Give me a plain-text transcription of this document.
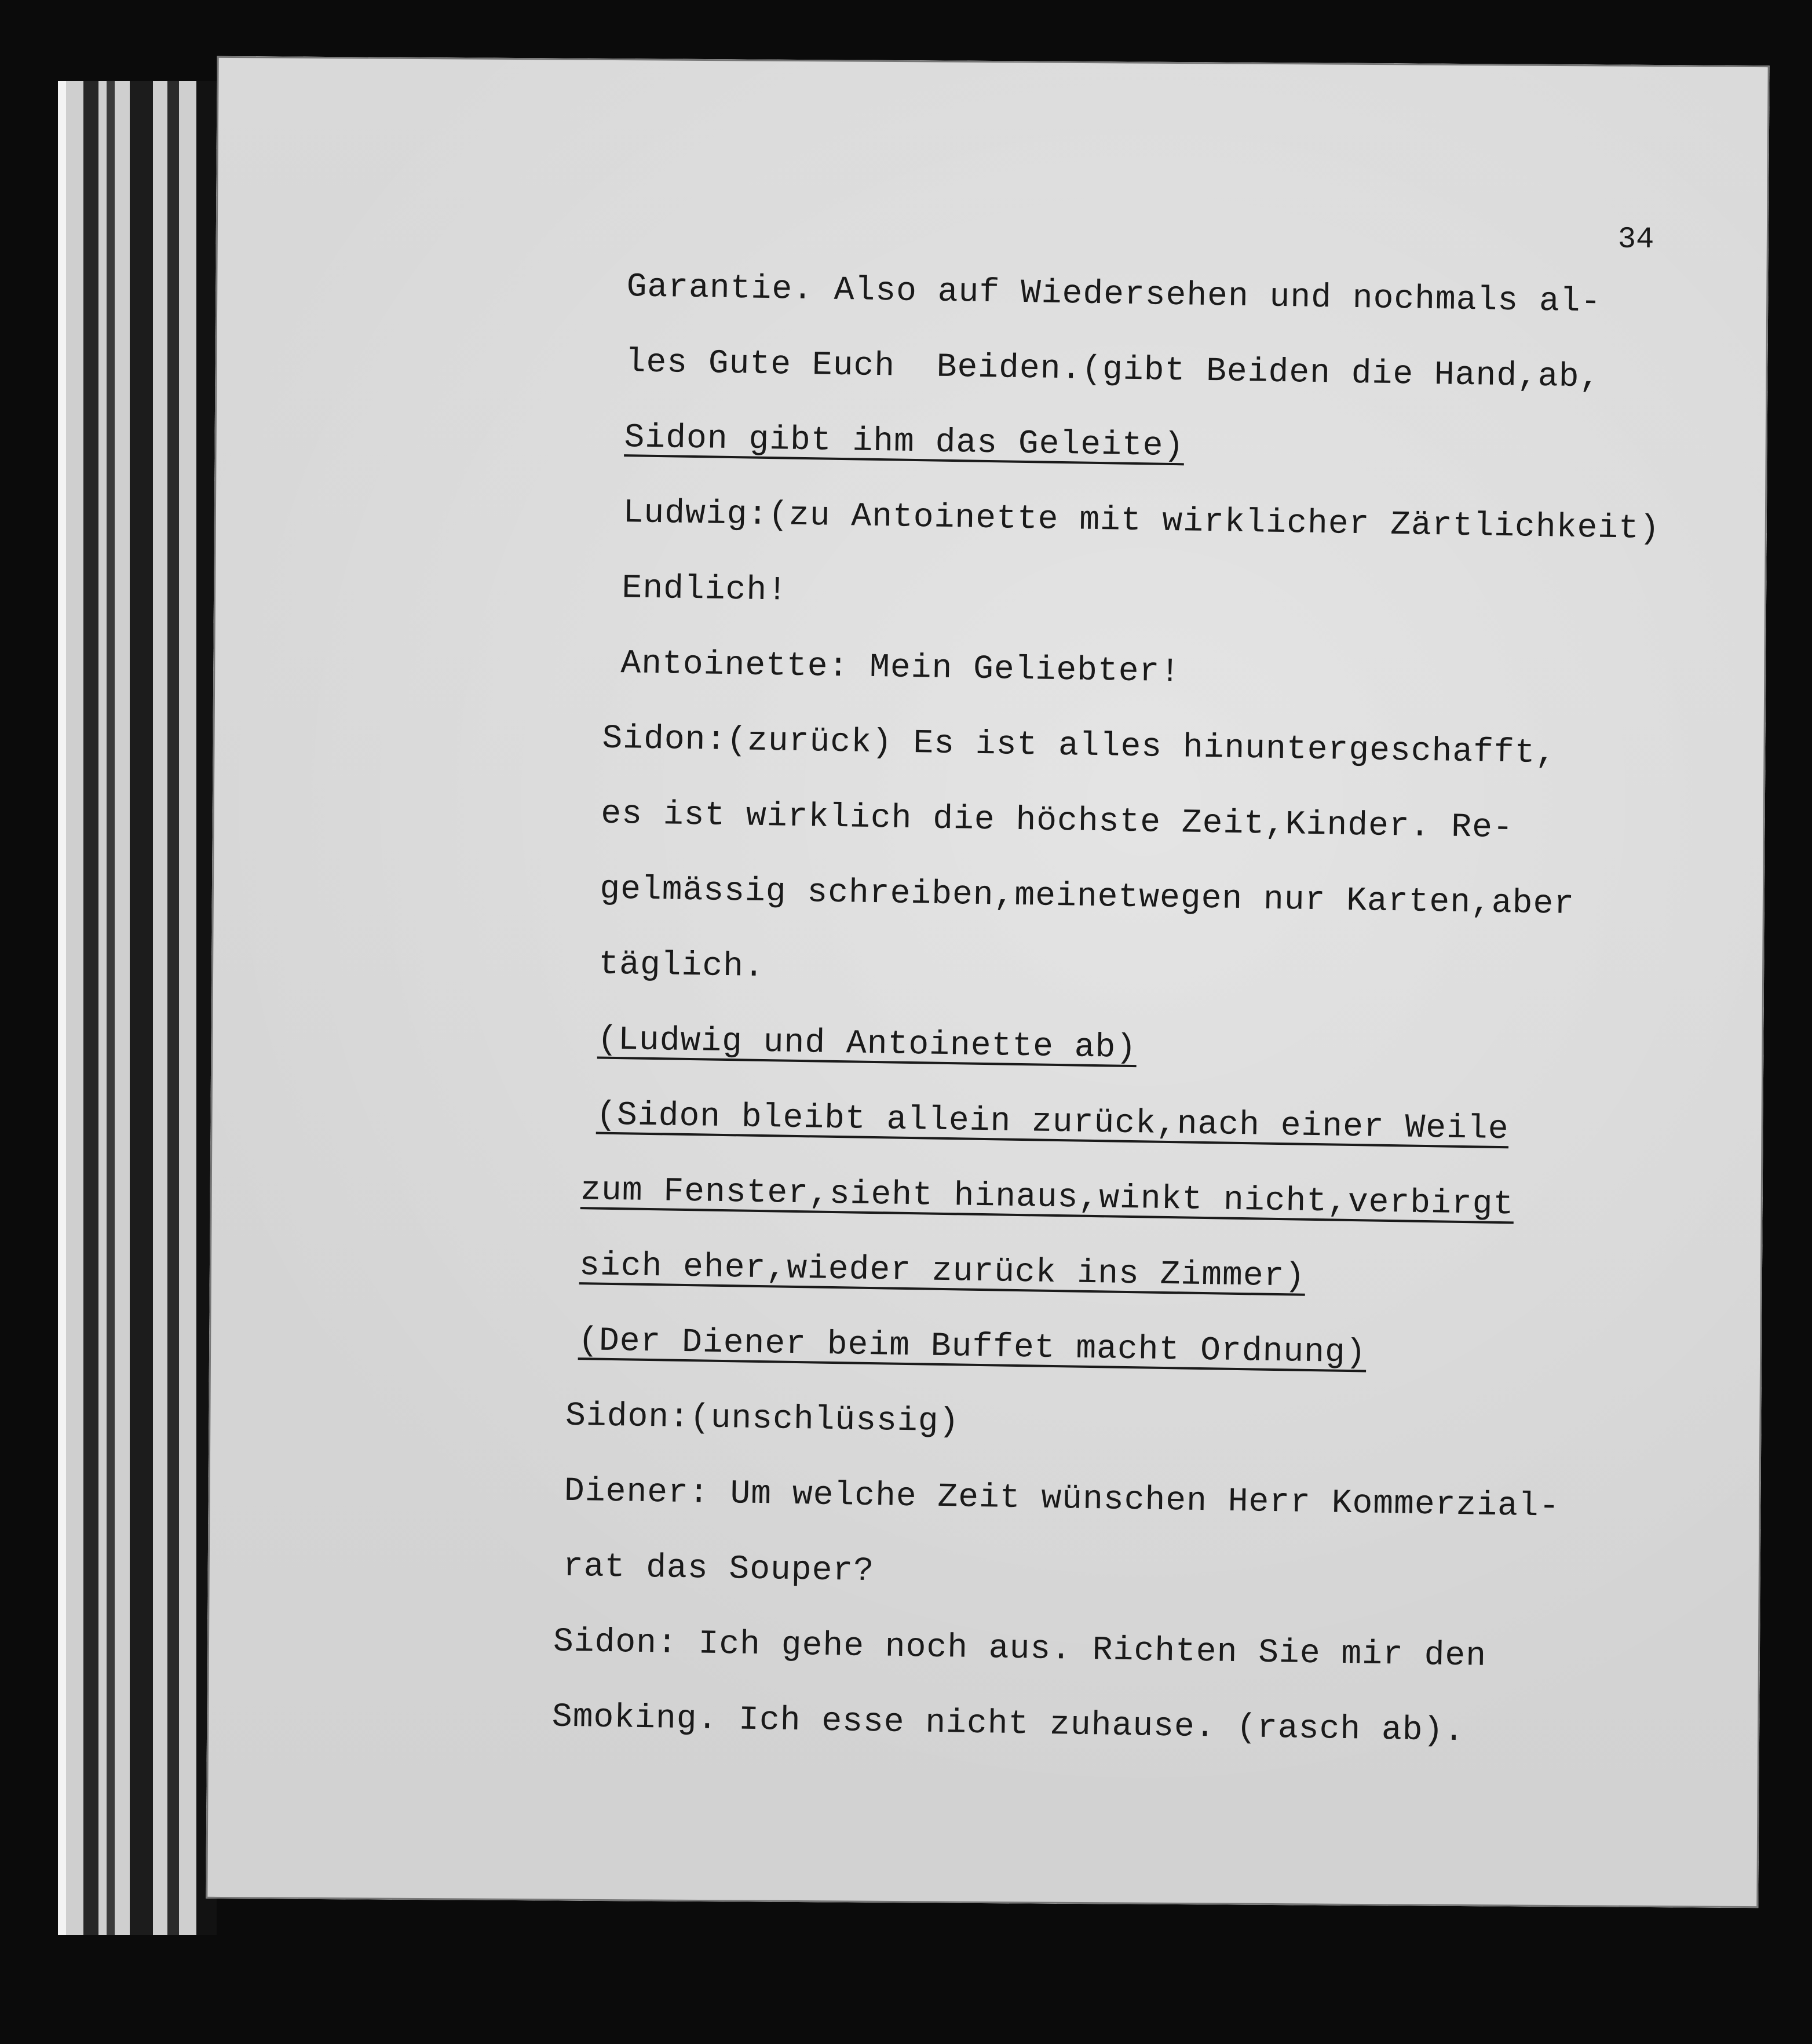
34
Garantie. Also auf Wiedersehen und nochmals al-
les Gute Euch  Beiden.(gibt Beiden die Hand,ab,
Sidon gibt ihm das Geleite)
Ludwig:(zu Antoinette mit wirklicher Zärtlichkeit)
Endlich!
Antoinette: Mein Geliebter!
Sidon:(zurück) Es ist alles hinuntergeschafft,
es ist wirklich die höchste Zeit,Kinder. Re-
gelmässig schreiben,meinetwegen nur Karten,aber
täglich.
(Ludwig und Antoinette ab)
(Sidon bleibt allein zurück,nach einer Weile
zum Fenster,sieht hinaus,winkt nicht,verbirgt
sich eher,wieder zurück ins Zimmer)
(Der Diener beim Buffet macht Ordnung)
Sidon:(unschlüssig)
Diener: Um welche Zeit wünschen Herr Kommerzial-
rat das Souper?
Sidon: Ich gehe noch aus. Richten Sie mir den
Smoking. Ich esse nicht zuhause. (rasch ab).
